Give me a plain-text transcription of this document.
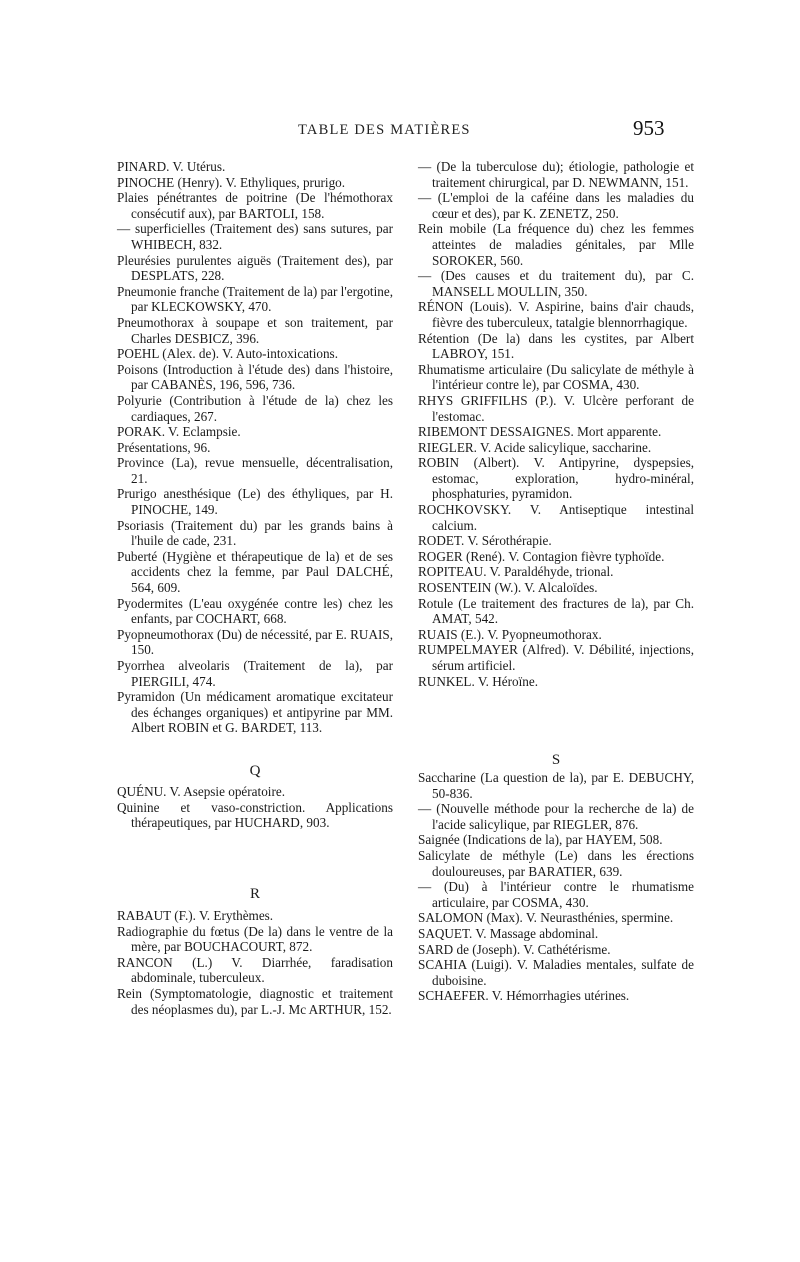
TABLE DES MATIÈRES	953

PINARD. V. Utérus.

PINOCHE (Henry). V. Ethyliques, prurigo.

Plaies pénétrantes de poitrine (De l'hémothorax consécutif aux), par BARTOLI, 158.

— superficielles (Traitement des) sans sutures, par WHIBECH, 832.

Pleurésies purulentes aiguës (Traitement des), par DESPLATS, 228.

Pneumonie franche (Traitement de la) par l'ergotine, par KLECKOWSKY, 470.

Pneumothorax à soupape et son traitement, par Charles DESBICZ, 396.

POEHL (Alex. de). V. Auto-intoxications.

Poisons (Introduction à l'étude des) dans l'histoire, par CABANÈS, 196, 596, 736.

Polyurie (Contribution à l'étude de la) chez les cardiaques, 267.

PORAK. V. Eclampsie.

Présentations, 96.

Province (La), revue mensuelle, décentralisation, 21.

Prurigo anesthésique (Le) des éthyliques, par H. PINOCHE, 149.

Psoriasis (Traitement du) par les grands bains à l'huile de cade, 231.

Puberté (Hygiène et thérapeutique de la) et de ses accidents chez la femme, par Paul DALCHÉ, 564, 609.

Pyodermites (L'eau oxygénée contre les) chez les enfants, par COCHART, 668.

Pyopneumothorax (Du) de nécessité, par E. RUAIS, 150.

Pyorrhea alveolaris (Traitement de la), par PIERGILI, 474.

Pyramidon (Un médicament aromatique excitateur des échanges organiques) et antipyrine par MM. Albert ROBIN et G. BARDET, 113.

— (De la tuberculose du); étiologie, pathologie et traitement chirurgical, par D. NEWMANN, 151.

— (L'emploi de la caféine dans les maladies du cœur et des), par K. ZENETZ, 250.

Rein mobile (La fréquence du) chez les femmes atteintes de maladies génitales, par Mlle SOROKER, 560.

— (Des causes et du traitement du), par C. MANSELL MOULLIN, 350.

RÉNON (Louis). V. Aspirine, bains d'air chauds, fièvre des tuberculeux, tatalgie blennorrhagique.

Rétention (De la) dans les cystites, par Albert LABROY, 151.

Rhumatisme articulaire (Du salicylate de méthyle à l'intérieur contre le), par COSMA, 430.

RHYS GRIFFILHS (P.). V. Ulcère perforant de l'estomac.

RIBEMONT DESSAIGNES. Mort apparente.

RIEGLER. V. Acide salicylique, saccharine.

ROBIN (Albert). V. Antipyrine, dyspepsies, estomac, exploration, hydro-minéral, phosphaturies, pyramidon.

ROCHKOVSKY. V. Antiseptique intestinal calcium.

RODET. V. Sérothérapie.

ROGER (René). V. Contagion fièvre typhoïde.

ROPITEAU. V. Paraldéhyde, trional.

ROSENTEIN (W.). V. Alcaloïdes.

Rotule (Le traitement des fractures de la), par Ch. AMAT, 542.

RUAIS (E.). V. Pyopneumothorax.

RUMPELMAYER (Alfred). V. Débilité, injections, sérum artificiel.

RUNKEL. V. Héroïne.

Q

QUÉNU. V. Asepsie opératoire.

Quinine et vaso-constriction. Applications thérapeutiques, par HUCHARD, 903.

R

RABAUT (F.). V. Erythèmes.

Radiographie du fœtus (De la) dans le ventre de la mère, par BOUCHACOURT, 872.

RANCON (L.) V. Diarrhée, faradisation abdominale, tuberculeux.

Rein (Symptomatologie, diagnostic et traitement des néoplasmes du), par L.-J. Mc ARTHUR, 152.

S

Saccharine (La question de la), par E. DEBUCHY, 50-836.

— (Nouvelle méthode pour la recherche de la) de l'acide salicylique, par RIEGLER, 876.

Saignée (Indications de la), par HAYEM, 508.

Salicylate de méthyle (Le) dans les érections douloureuses, par BARATIER, 639.

— (Du) à l'intérieur contre le rhumatisme articulaire, par COSMA, 430.

SALOMON (Max). V. Neurasthénies, spermine.

SAQUET. V. Massage abdominal.

SARD de (Joseph). V. Cathétérisme.

SCAHIA (Luigi). V. Maladies mentales, sulfate de duboisine.

SCHAEFER. V. Hémorrhagies utérines.
